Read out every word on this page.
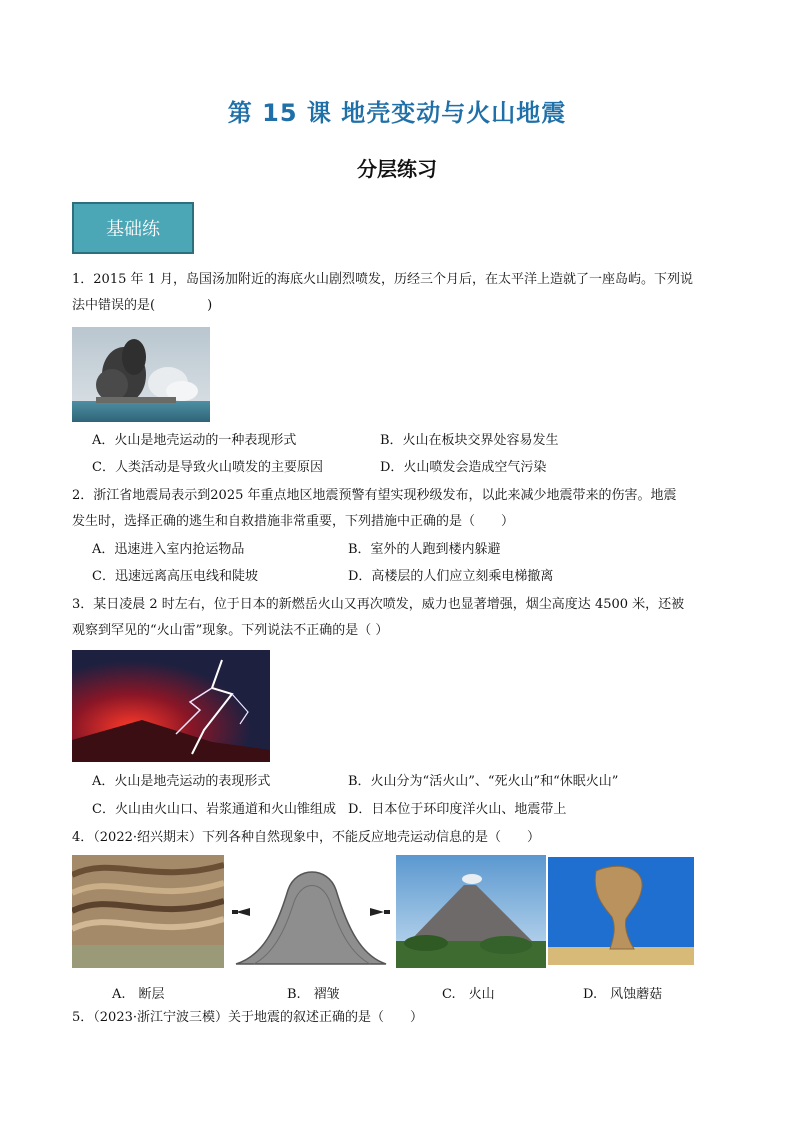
第 15 课 地壳变动与火山地震
分层练习
基础练
1．2015 年 1 月，岛国汤加附近的海底火山剧烈喷发，历经三个月后，在太平洋上造就了一座岛屿。下列说
法中错误的是(　　　　)
A．火山是地壳运动的一种表现形式	B．火山在板块交界处容易发生
C．人类活动是导致火山喷发的主要原因	D．火山喷发会造成空气污染
2．浙江省地震局表示到2025 年重点地区地震预警有望实现秒级发布，以此来减少地震带来的伤害。地震
发生时，选择正确的逃生和自救措施非常重要，下列措施中正确的是（　　）
A．迅速进入室内抢运物品	B．室外的人跑到楼内躲避
C．迅速远离高压电线和陡坡	D．高楼层的人们应立刻乘电梯撤离
3．某日凌晨 2 时左右，位于日本的新燃岳火山又再次喷发，威力也显著增强，烟尘高度达 4500 米，还被
观察到罕见的“火山雷”现象。下列说法不正确的是（ ）
A．火山是地壳运动的表现形式	B．火山分为“活火山”、“死火山”和“休眠火山”
C．火山由火山口、岩浆通道和火山锥组成 D．日本位于环印度洋火山、地震带上
4．（2022·绍兴期末）下列各种自然现象中，不能反应地壳运动信息的是（　　）
A.　断层	B.　褶皱	C.　火山	D.　风蚀蘑菇
5．（2023·浙江宁波三模）关于地震的叙述正确的是（　　）
